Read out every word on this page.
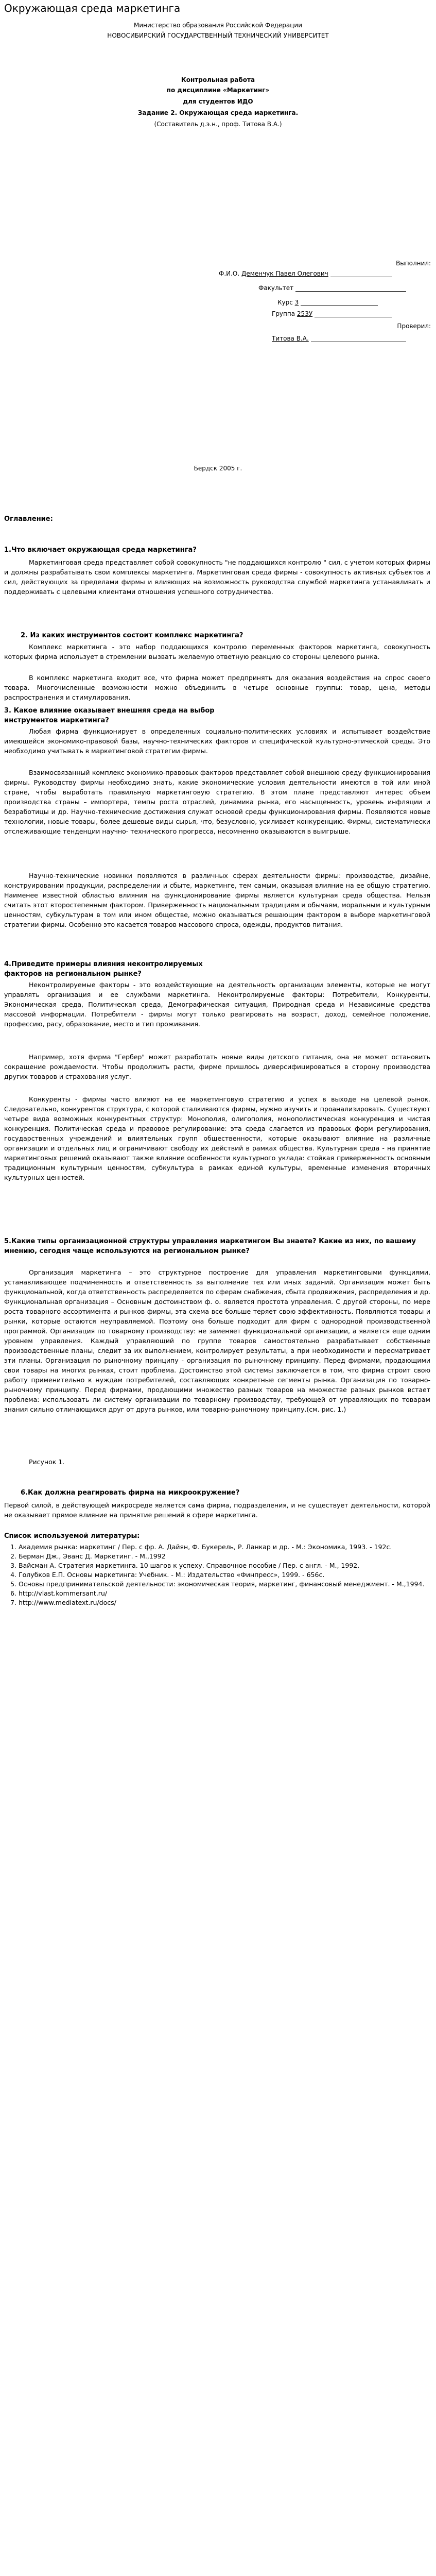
Окружающая среда маркетинга
Министерство образования Российской Федерации
НОВОСИБИРСКИЙ ГОСУДАРСТВЕННЫЙ ТЕХНИЧЕСКИЙ УНИВЕРСИТЕТ
Контрольная работа
по дисциплине «Маркетинг»
для студентов ИДО
Задание 2. Окружающая среда маркетинга.
(Составитель д.э.н., проф. Титова В.А.)
Выполнил:
Ф.И.О. Деменчук Павел Олегович
Факультет
Курс 3
Группа 253У
Проверил:
Титова В.А.
Бердск 2005 г.
Оглавление:
1.Что включает окружающая среда маркетинга?

Маркетинговая среда представляет собой совокупность "не поддающихся контролю " сил, с учетом которых фирмы и должны разрабатывать свои комплексы маркетинга. Маркетинговая среда фирмы - совокупность активных субъектов и сил, действующих за пределами фирмы и влияющих на возможность руководства службой маркетинга устанавливать и поддерживать с целевыми клиентами отношения успешного сотрудничества.

2. Из каких инструментов состоит комплекс маркетинга?

Комплекс маркетинга - это набор поддающихся контролю переменных факторов маркетинга, совокупность которых фирма использует в стремлении вызвать желаемую ответную реакцию со стороны целевого рынка.

В комплекс маркетинга входит все, что фирма может предпринять для оказания воздействия на спрос своего товара. Многочисленные возможности можно объединить в четыре основные группы: товар, цена, методы распространения и стимулирования.

3. Какое влияние оказывает внешняя среда на выбор инструментов маркетинга?

Любая фирма функционирует в определенных социально-политических условиях и испытывает воздействие имеющейся экономико-правовой базы, научно-технических факторов и специфической культурно-этической среды. Это необходимо учитывать в маркетинговой стратегии фирмы.

Взаимосвязанный комплекс экономико-правовых факторов представляет собой внешнюю среду функционирования фирмы. Руководству фирмы необходимо знать, какие экономические условия деятельности имеются в той или иной стране, чтобы выработать правильную маркетинговую стратегию. В этом плане представляют интерес объем производства страны – импортера, темпы роста отраслей, динамика рынка, его насыщенность, уровень инфляции и безработицы и др. Научно-технические достижения служат основой среды функционирования фирмы. Появляются новые технологии, новые товары, более дешевые виды сырья, что, безусловно, усиливает конкуренцию. Фирмы, систематически отслеживающие тенденции научно- технического прогресса, несомненно оказываются в выигрыше.

Научно-технические новинки появляются в различных сферах деятельности фирмы: производстве, дизайне, конструировании продукции, распределении и сбыте, маркетинге, тем самым, оказывая влияние на ее общую стратегию. Наименее известной областью влияния на функционирование фирмы является культурная среда общества. Нельзя считать этот второстепенным фактором. Приверженность национальным традициям и обычаям, моральным и культурным ценностям, субкультурам в том или ином обществе, можно оказываться решающим фактором в выборе маркетинговой стратегии фирмы. Особенно это касается товаров массового спроса, одежды, продуктов питания.

4.Приведите примеры влияния неконтролируемых факторов на региональном рынке?

Неконтролируемые факторы - это воздействующие на деятельность организации элементы, которые не могут управлять организация и ее службами маркетинга. Неконтролируемые факторы: Потребители, Конкуренты, Экономическая среда, Политическая среда, Демографическая ситуация, Природная среда и Независимые средства массовой информации. Потребители - фирмы могут только реагировать на возраст, доход, семейное положение, профессию, расу, образование, место и тип проживания.

Например, хотя фирма "Гербер" может разработать новые виды детского питания, она не может остановить сокращение рождаемости. Чтобы продолжить расти, фирме пришлось диверсифицироваться в сторону производства других товаров и страхования услуг.

Конкуренты - фирмы часто влияют на ее маркетинговую стратегию и успех в выходе на целевой рынок. Следовательно, конкурентов структура, с которой сталкиваются фирмы, нужно изучить и проанализировать. Существуют четыре вида возможных конкурентных структур: Монополия, олигополия, монополистическая конкуренция и чистая конкуренция. Политическая среда и правовое регулирование: эта среда слагается из правовых форм регулирования, государственных учреждений и влиятельных групп общественности, которые оказывают влияние на различные организации и отдельных лиц и ограничивают свободу их действий в рамках общества. Культурная среда - на принятие маркетинговых решений оказывают также влияние особенности культурного уклада: стойкая приверженность основным традиционным культурным ценностям, субкультура в рамках единой культуры, временные изменения вторичных культурных ценностей.

5.Какие типы организационной структуры управления маркетингом Вы знаете? Какие из них, по вашему мнению, сегодня чаще используются на региональном рынке?

Организация маркетинга – это структурное построение для управления маркетинговыми функциями, устанавливающее подчиненность и ответственность за выполнение тех или иных заданий. Организация может быть функциональной, когда ответственность распределяется по сферам снабжения, сбыта продвижения, распределения и др. Функциональная организация – Основным достоинством ф. о. является простота управления. С другой стороны, по мере роста товарного ассортимента и рынков фирмы, эта схема все больше теряет свою эффективность. Появляются товары и рынки, которые остаются неуправляемой. Поэтому она больше подходит для фирм с однородной производственной программой. Организация по товарному производству: не заменяет функциональной организации, а является еще одним уровнем управления. Каждый управляющий по группе товаров самостоятельно разрабатывает собственные производственные планы, следит за их выполнением, контролирует результаты, а при необходимости и пересматривает эти планы. Организация по рыночному принципу - организация по рыночному принципу. Перед фирмами, продающими свои товары на многих рынках, стоит проблема. Достоинство этой системы заключается в том, что фирма строит свою работу применительно к нуждам потребителей, составляющих конкретные сегменты рынка. Организация по товарно-рыночному принципу. Перед фирмами, продающими множество разных товаров на множестве разных рынков встает проблема: использовать ли систему организации по товарному производству, требующей от управляющих по товарам знания сильно отличающихся друг от друга рынков, или товарно-рыночному принципу.(см. рис. 1.)

Рисунок 1.
6.Как должна реагировать фирма на микроокружение?

Первой силой, в действующей микросреде является сама фирма, подразделения, и не существует деятельности, которой не оказывает прямое влияние на принятие решений в сфере маркетинга.

Список используемой литературы:
1. Академия рынка: маркетинг / Пер. с фр. А. Дайян, Ф. Букерель, Р. Ланкар и др. - М.: Экономика, 1993. - 192с.
2. Берман Дж., Эванс Д. Маркетинг. - М.,1992
3. Вайсман А. Стратегия маркетинга. 10 шагов к успеху. Справочное пособие / Пер. с англ. - М., 1992.
4. Голубков Е.П. Основы маркетинга: Учебник. - М.: Издательство «Финпресс», 1999. - 656с.
5. Основы предпринимательской деятельности: экономическая теория, маркетинг, финансовый менеджмент. - М.,1994.
6. http://vlast.kommersant.ru/
7. http://www.mediatext.ru/docs/
